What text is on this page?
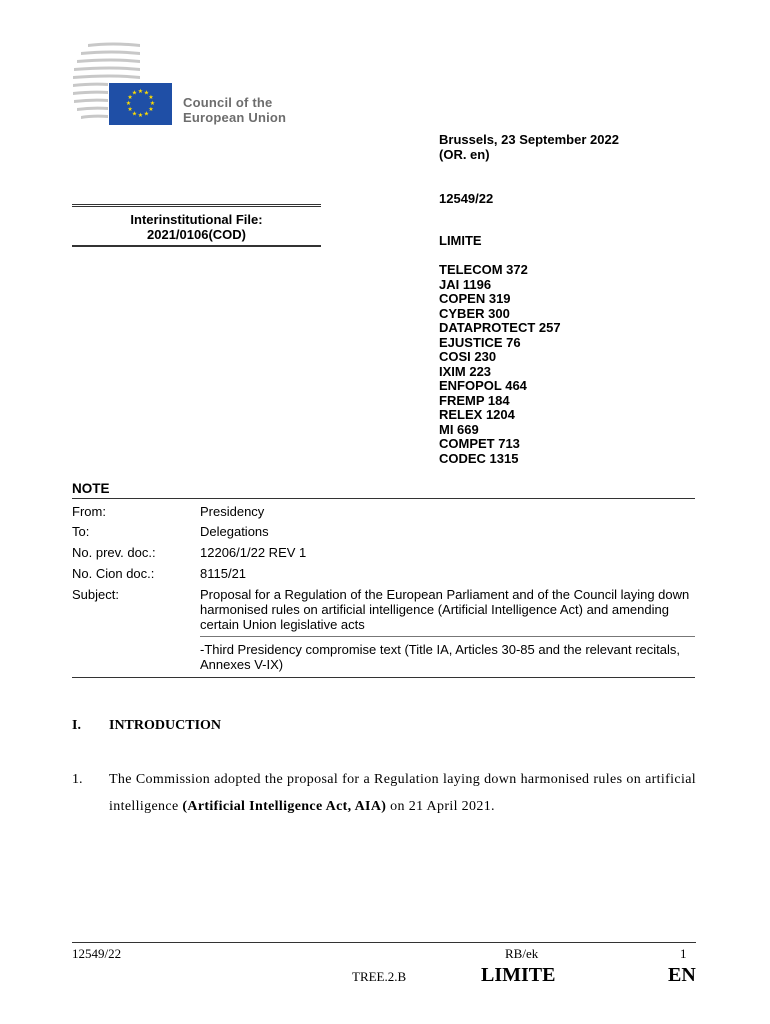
★ ★
★
★
★
★
★
★
★
★
★
★
Council of the
European Union
Brussels, 23 September 2022
(OR. en)
12549/22
LIMITE
TELECOM 372
JAI 1196
COPEN 319
CYBER 300
DATAPROTECT 257
EJUSTICE 76
COSI 230
IXIM 223
ENFOPOL 464
FREMP 184
RELEX 1204
MI 669
COMPET 713
CODEC 1315
Interinstitutional File:
2021/0106(COD)
NOTE
From:	Presidency
To:	Delegations
No. prev. doc.:	12206/1/22 REV 1
No. Cion doc.:	8115/21
Subject:	Proposal for a Regulation of the European Parliament and of the Council laying down harmonised rules on artificial intelligence (Artificial Intelligence Act) and amending certain Union legislative acts
-Third Presidency compromise text (Title IA, Articles 30-85 and the relevant recitals, Annexes V-IX)
I.	INTRODUCTION
1.	The Commission adopted the proposal for a Regulation laying down harmonised rules on artificial intelligence (Artificial Intelligence Act, AIA) on 21 April 2021.
12549/22	RB/ek	1
TREE.2.B	LIMITE	EN
